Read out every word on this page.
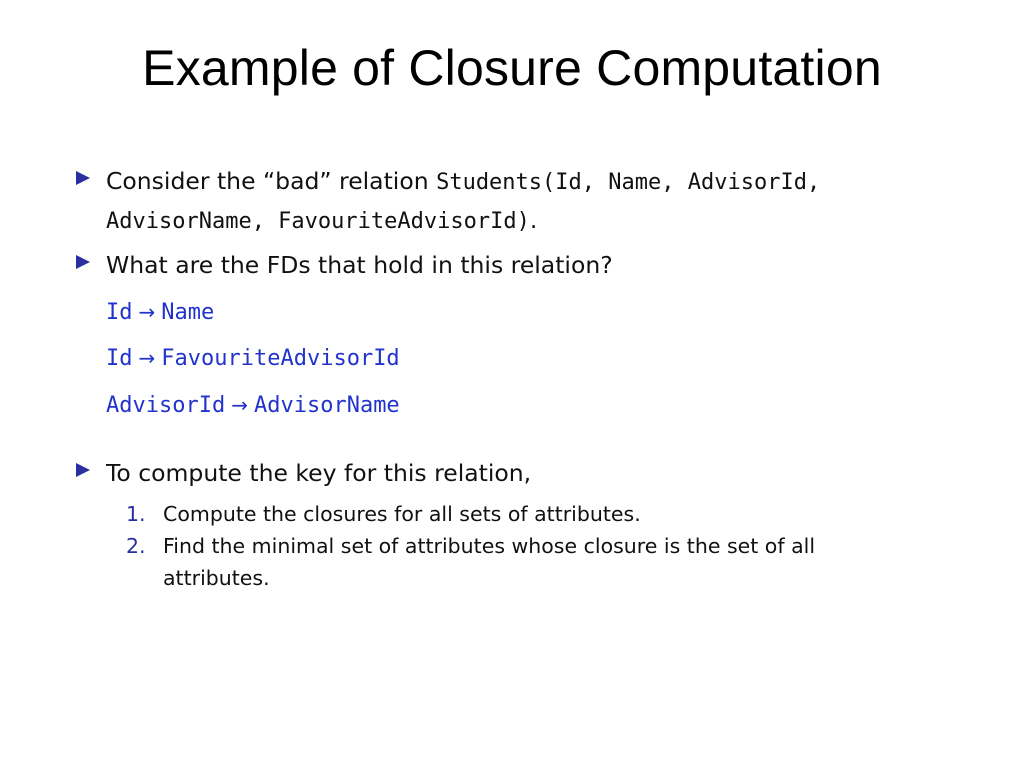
Example of Closure Computation
Consider the “bad” relation Students(Id, Name, AdvisorId,
AdvisorName, FavouriteAdvisorId).
What are the FDs that hold in this relation?
Id → Name
Id → FavouriteAdvisorId
AdvisorId → AdvisorName
To compute the key for this relation,
1. Compute the closures for all sets of attributes.
2. Find the minimal set of attributes whose closure is the set of all
attributes.
